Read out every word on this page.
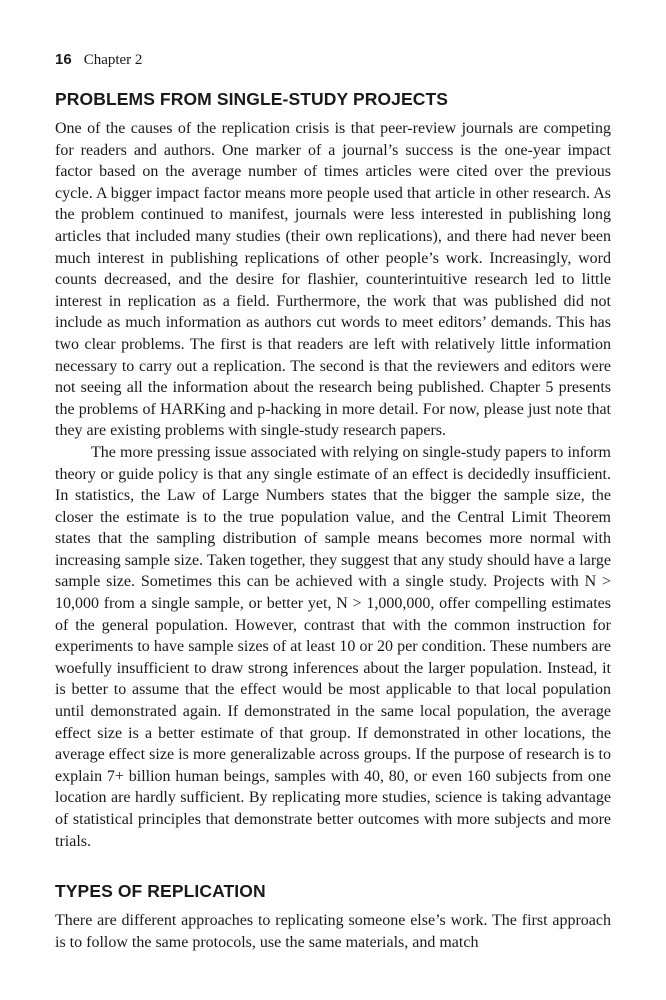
16 Chapter 2
PROBLEMS FROM SINGLE-STUDY PROJECTS

One of the causes of the replication crisis is that peer-review journals are competing for readers and authors. One marker of a journal’s success is the one-year impact factor based on the average number of times articles were cited over the previous cycle. A bigger impact factor means more people used that article in other research. As the problem continued to manifest, journals were less interested in publishing long articles that included many studies (their own replications), and there had never been much interest in publishing replications of other people’s work. Increasingly, word counts decreased, and the desire for flashier, counterintuitive research led to little interest in replication as a field. Furthermore, the work that was published did not include as much information as authors cut words to meet editors’ demands. This has two clear problems. The first is that readers are left with relatively little information necessary to carry out a replication. The second is that the reviewers and editors were not seeing all the information about the research being published. Chapter 5 presents the problems of HARKing and p-hacking in more detail. For now, please just note that they are existing problems with single-study research papers.

The more pressing issue associated with relying on single-study papers to inform theory or guide policy is that any single estimate of an effect is decidedly insufficient. In statistics, the Law of Large Numbers states that the bigger the sample size, the closer the estimate is to the true population value, and the Central Limit Theorem states that the sampling distribution of sample means becomes more normal with increasing sample size. Taken together, they suggest that any study should have a large sample size. Sometimes this can be achieved with a single study. Projects with N > 10,000 from a single sample, or better yet, N > 1,000,000, offer compelling estimates of the general population. However, contrast that with the common instruction for experiments to have sample sizes of at least 10 or 20 per condition. These numbers are woefully insufficient to draw strong inferences about the larger population. Instead, it is better to assume that the effect would be most applicable to that local population until demonstrated again. If demonstrated in the same local population, the average effect size is a better estimate of that group. If demonstrated in other locations, the average effect size is more generalizable across groups. If the purpose of research is to explain 7+ billion human beings, samples with 40, 80, or even 160 subjects from one location are hardly sufficient. By replicating more studies, science is taking advantage of statistical principles that demonstrate better outcomes with more subjects and more trials.

TYPES OF REPLICATION

There are different approaches to replicating someone else’s work. The first approach is to follow the same protocols, use the same materials, and match
